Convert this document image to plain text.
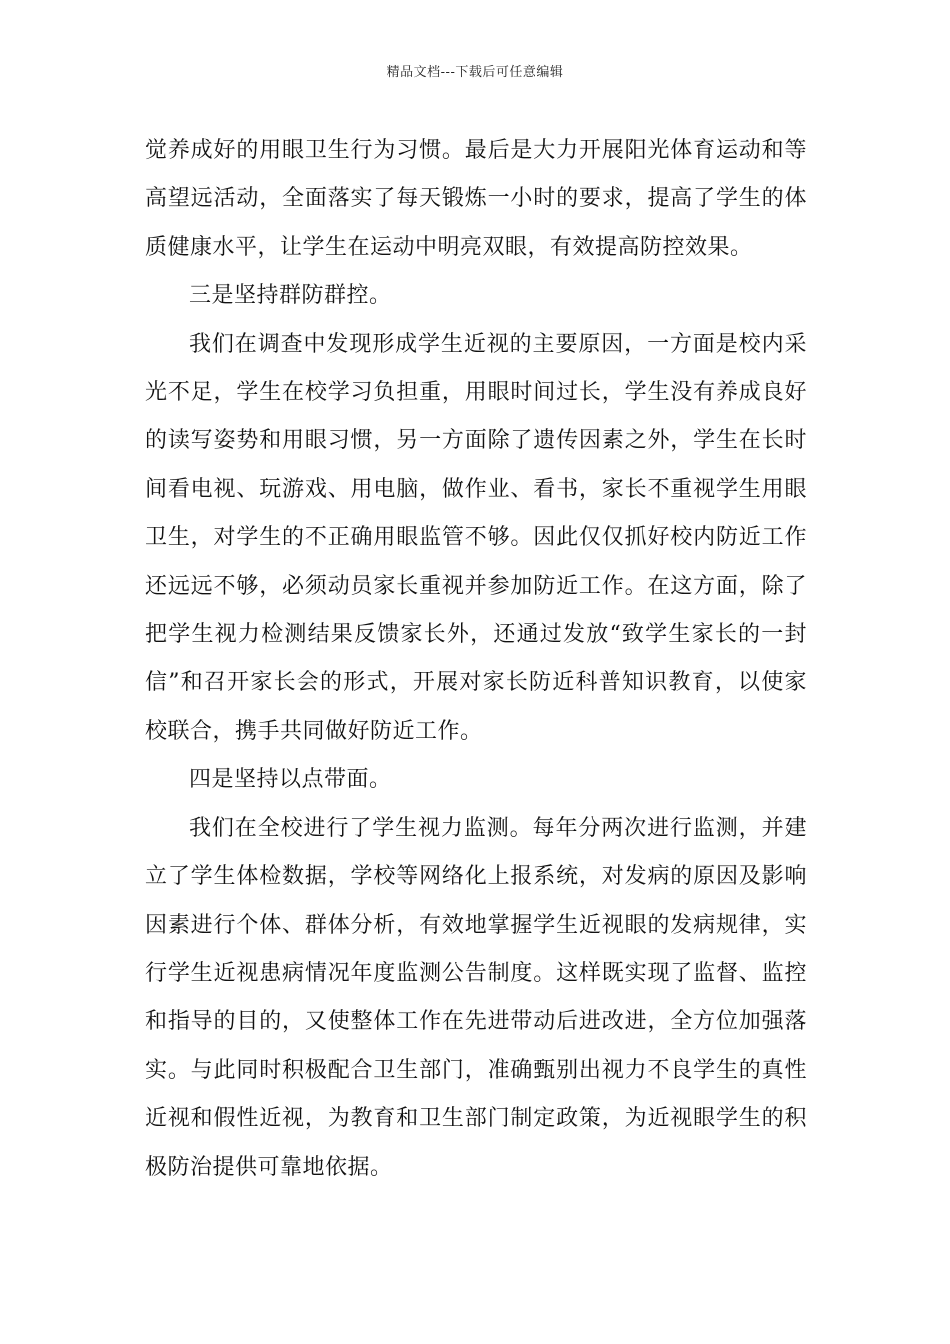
精品文档---下载后可任意编辑

觉养成好的用眼卫生行为习惯。最后是大力开展阳光体育运动和等高望远活动，全面落实了每天锻炼一小时的要求，提高了学生的体质健康水平，让学生在运动中明亮双眼，有效提高防控效果。

三是坚持群防群控。

我们在调查中发现形成学生近视的主要原因，一方面是校内采光不足，学生在校学习负担重，用眼时间过长，学生没有养成良好的读写姿势和用眼习惯，另一方面除了遗传因素之外，学生在长时间看电视、玩游戏、用电脑，做作业、看书，家长不重视学生用眼卫生，对学生的不正确用眼监管不够。因此仅仅抓好校内防近工作还远远不够，必须动员家长重视并参加防近工作。在这方面，除了把学生视力检测结果反馈家长外，还通过发放“致学生家长的一封信”和召开家长会的形式，开展对家长防近科普知识教育，以使家校联合，携手共同做好防近工作。

四是坚持以点带面。

我们在全校进行了学生视力监测。每年分两次进行监测，并建立了学生体检数据，学校等网络化上报系统，对发病的原因及影响因素进行个体、群体分析，有效地掌握学生近视眼的发病规律，实行学生近视患病情况年度监测公告制度。这样既实现了监督、监控和指导的目的，又使整体工作在先进带动后进改进，全方位加强落实。与此同时积极配合卫生部门，准确甄别出视力不良学生的真性近视和假性近视，为教育和卫生部门制定政策，为近视眼学生的积极防治提供可靠地依据。
